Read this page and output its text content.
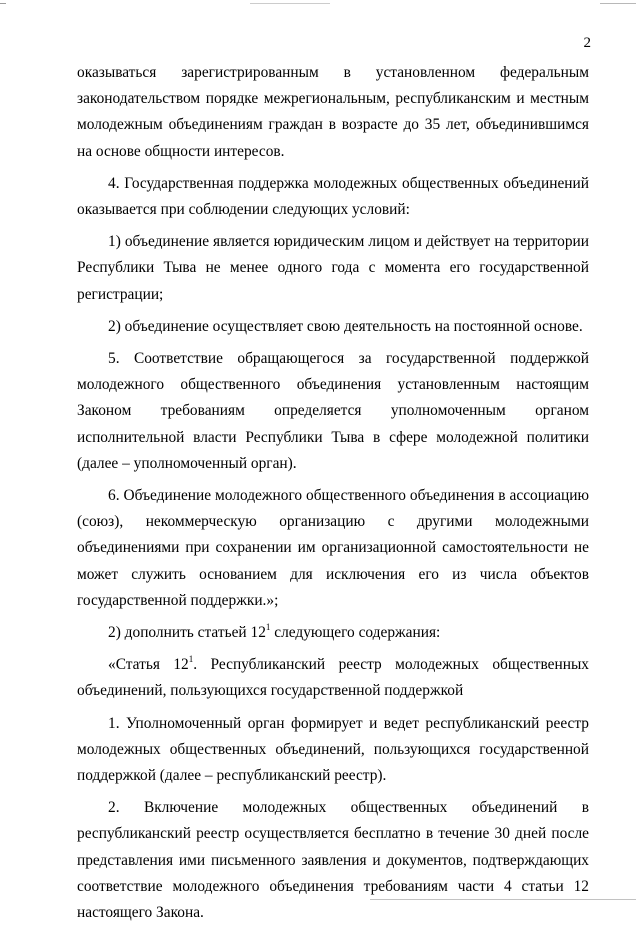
2

оказываться зарегистрированным в установленном федеральным законодательством порядке межрегиональным, республиканским и местным молодежным объединениям граждан в возрасте до 35 лет, объединившимся на основе общности интересов.

4. Государственная поддержка молодежных общественных объединений оказывается при соблюдении следующих условий:

1) объединение является юридическим лицом и действует на территории Республики Тыва не менее одного года с момента его государственной регистрации;

2) объединение осуществляет свою деятельность на постоянной основе.

5. Соответствие обращающегося за государственной поддержкой молодежного общественного объединения установленным настоящим Законом требованиям определяется уполномоченным органом исполнительной власти Республики Тыва в сфере молодежной политики (далее – уполномоченный орган).

6. Объединение молодежного общественного объединения в ассоциацию (союз), некоммерческую организацию с другими молодежными объединениями при сохранении им организационной самостоятельности не может служить основанием для исключения его из числа объектов государственной поддержки.»;

2) дополнить статьей $12^1$ следующего содержания:

«Статья $12^1$. Республиканский реестр молодежных общественных объединений, пользующихся государственной поддержкой

1. Уполномоченный орган формирует и ведет республиканский реестр молодежных общественных объединений, пользующихся государственной поддержкой (далее – республиканский реестр).

2. Включение молодежных общественных объединений в республиканский реестр осуществляется бесплатно в течение 30 дней после представления ими письменного заявления и документов, подтверждающих соответствие молодежного объединения требованиям части 4 статьи 12 настоящего Закона.
